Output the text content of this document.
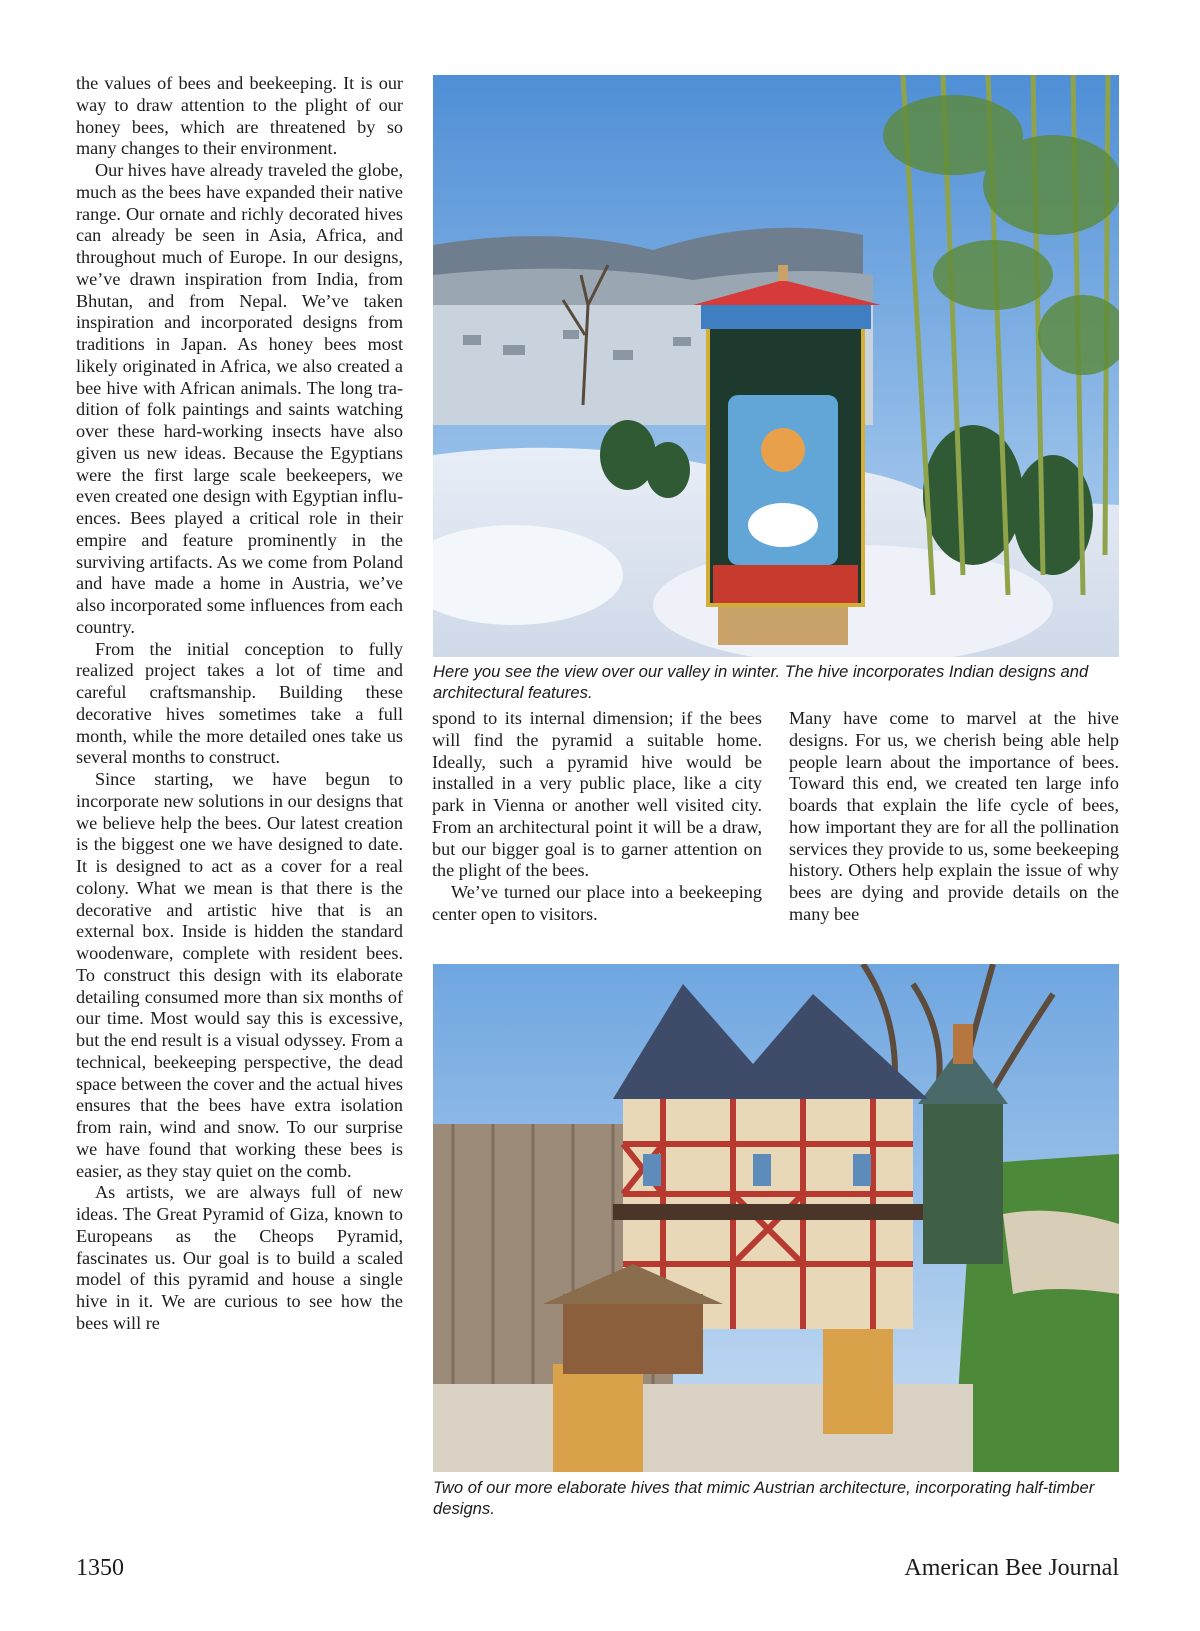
the values of bees and beekeeping. It is our way to draw attention to the plight of our honey bees, which are threatened by so many changes to their environment.

Our hives have already traveled the globe, much as the bees have expanded their native range. Our ornate and richly decorated hives can already be seen in Asia, Africa, and throughout much of Europe. In our designs, we’ve drawn inspiration from India, from Bhutan, and from Nepal. We’ve taken inspiration and incorporated designs from traditions in Japan. As honey bees most likely originated in Africa, we also created a bee hive with African animals. The long tradition of folk paintings and saints watching over these hard-working insects have also given us new ideas. Because the Egyptians were the first large scale beekeepers, we even created one design with Egyptian influences. Bees played a critical role in their empire and feature prominently in the surviving artifacts. As we come from Poland and have made a home in Austria, we’ve also incorporated some influences from each country.

From the initial conception to fully realized project takes a lot of time and careful craftsmanship. Building these decorative hives sometimes take a full month, while the more detailed ones take us several months to construct.

Since starting, we have begun to incorporate new solutions in our designs that we believe help the bees. Our latest creation is the biggest one we have designed to date. It is designed to act as a cover for a real colony. What we mean is that there is the decorative and artistic hive that is an external box. Inside is hidden the standard woodenware, complete with resident bees. To construct this design with its elaborate detailing consumed more than six months of our time. Most would say this is excessive, but the end result is a visual odyssey. From a technical, beekeeping perspective, the dead space between the cover and the actual hives ensures that the bees have extra isolation from rain, wind and snow. To our surprise we have found that working these bees is easier, as they stay quiet on the comb.

As artists, we are always full of new ideas. The Great Pyramid of Giza, known to Europeans as the Cheops Pyramid, fascinates us. Our goal is to build a scaled model of this pyramid and house a single hive in it. We are curious to see how the bees will re

Here you see the view over our valley in winter. The hive incorporates Indian designs and architectural features.

spond to its internal dimension; if the bees will find the pyramid a suitable home. Ideally, such a pyramid hive would be installed in a very public place, like a city park in Vienna or another well visited city. From an architectural point it will be a draw, but our bigger goal is to garner attention on the plight of the bees.

We’ve turned our place into a beekeeping center open to visitors.

Many have come to marvel at the hive designs. For us, we cherish being able help people learn about the importance of bees. Toward this end, we created ten large info boards that explain the life cycle of bees, how important they are for all the pollination services they provide to us, some beekeeping history. Others help explain the issue of why bees are dying and provide details on the many bee

Two of our more elaborate hives that mimic Austrian architecture, incorporating half-timber designs.
1350	American Bee Journal
